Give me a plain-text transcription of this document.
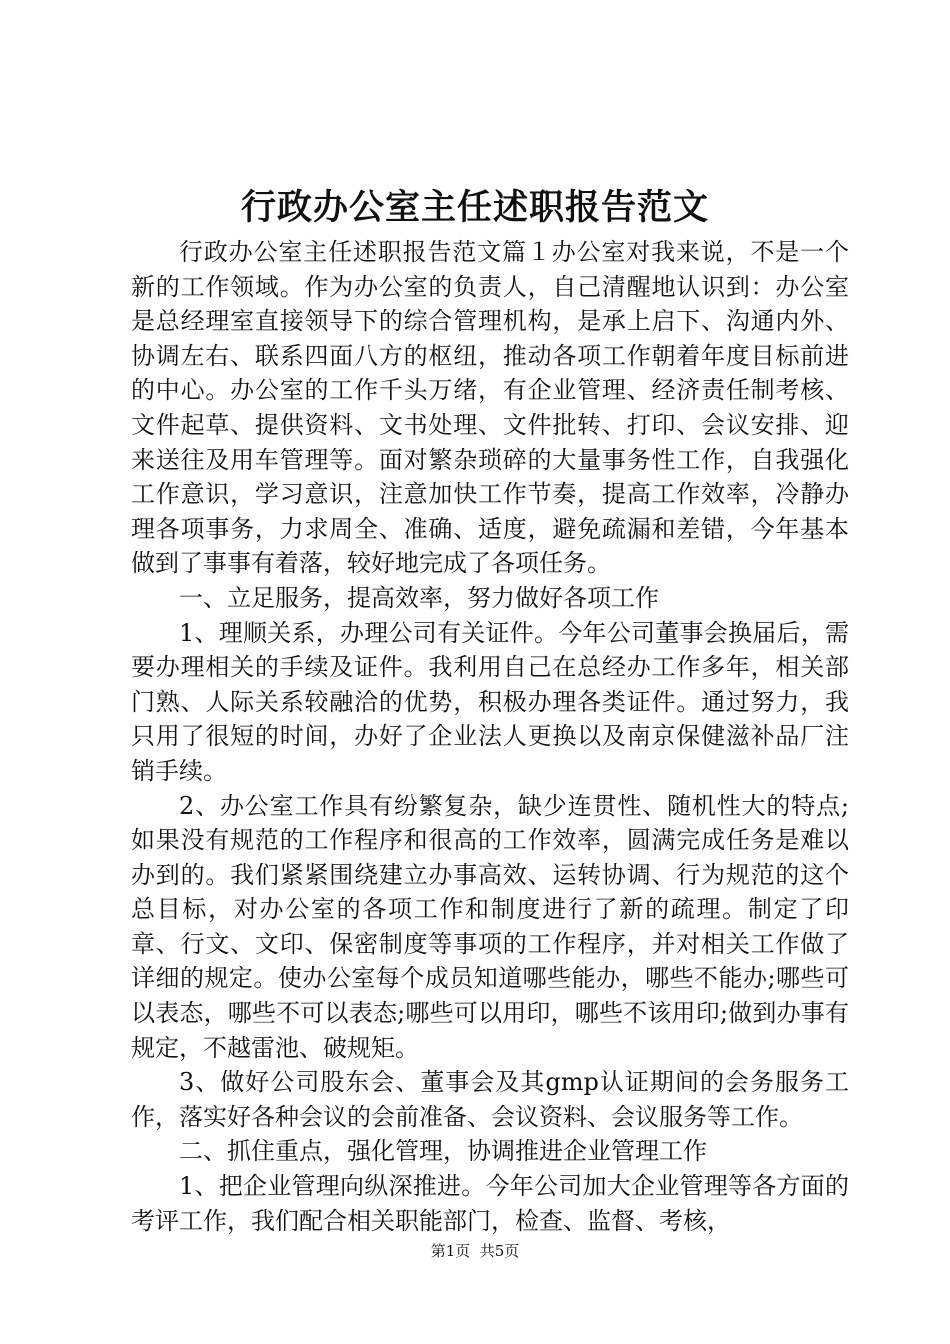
行政办公室主任述职报告范文

行政办公室主任述职报告范文篇１办公室对我来说，不是一个新的工作领域。作为办公室的负责人，自己清醒地认识到：办公室是总经理室直接领导下的综合管理机构，是承上启下、沟通内外、协调左右、联系四面八方的枢纽，推动各项工作朝着年度目标前进的中心。办公室的工作千头万绪，有企业管理、经济责任制考核、文件起草、提供资料、文书处理、文件批转、打印、会议安排、迎来送往及用车管理等。面对繁杂琐碎的大量事务性工作，自我强化工作意识，学习意识，注意加快工作节奏，提高工作效率，冷静办理各项事务，力求周全、准确、适度，避免疏漏和差错，今年基本做到了事事有着落，较好地完成了各项任务。

一、立足服务，提高效率，努力做好各项工作

1、理顺关系，办理公司有关证件。今年公司董事会换届后，需要办理相关的手续及证件。我利用自己在总经办工作多年，相关部门熟、人际关系较融洽的优势，积极办理各类证件。通过努力，我只用了很短的时间，办好了企业法人更换以及南京保健滋补品厂注销手续。

2、办公室工作具有纷繁复杂，缺少连贯性、随机性大的特点;如果没有规范的工作程序和很高的工作效率，圆满完成任务是难以办到的。我们紧紧围绕建立办事高效、运转协调、行为规范的这个总目标，对办公室的各项工作和制度进行了新的疏理。制定了印章、行文、文印、保密制度等事项的工作程序，并对相关工作做了详细的规定。使办公室每个成员知道哪些能办，哪些不能办;哪些可以表态，哪些不可以表态;哪些可以用印，哪些不该用印;做到办事有规定，不越雷池、破规矩。

3、做好公司股东会、董事会及其gmp认证期间的会务服务工作，落实好各种会议的会前准备、会议资料、会议服务等工作。

二、抓住重点，强化管理，协调推进企业管理工作

1、把企业管理向纵深推进。今年公司加大企业管理等各方面的考评工作，我们配合相关职能部门，检查、监督、考核，

第1页  共5页
